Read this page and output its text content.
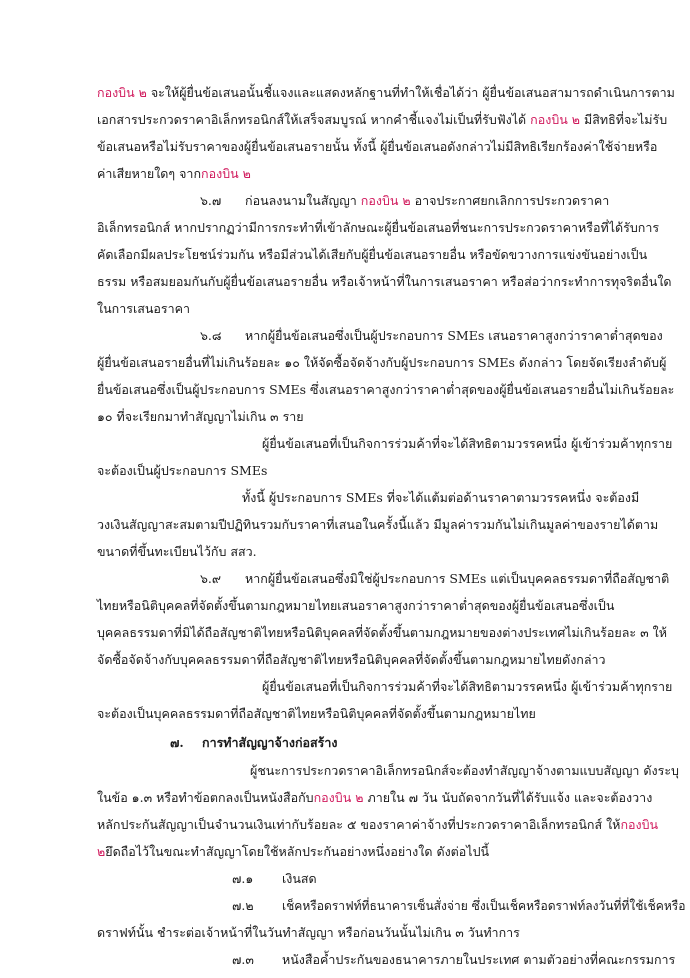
กองบิน ๒ จะให้ผู้ยื่นข้อเสนอนั้นชี้แจงและแสดงหลักฐานที่ทำให้เชื่อได้ว่า ผู้ยื่นข้อเสนอสามารถดำเนินการตาม
เอกสารประกวดราคาอิเล็กทรอนิกส์ให้เสร็จสมบูรณ์ หากคำชี้แจงไม่เป็นที่รับฟังได้ กองบิน ๒ มีสิทธิที่จะไม่รับ
ข้อเสนอหรือไม่รับราคาของผู้ยื่นข้อเสนอรายนั้น ทั้งนี้ ผู้ยื่นข้อเสนอดังกล่าวไม่มีสิทธิเรียกร้องค่าใช้จ่ายหรือ
ค่าเสียหายใดๆ จากกองบิน ๒
๖.๗ ก่อนลงนามในสัญญา กองบิน ๒ อาจประกาศยกเลิกการประกวดราคา
อิเล็กทรอนิกส์ หากปรากฏว่ามีการกระทำที่เข้าลักษณะผู้ยื่นข้อเสนอที่ชนะการประกวดราคาหรือที่ได้รับการ
คัดเลือกมีผลประโยชน์ร่วมกัน หรือมีส่วนได้เสียกับผู้ยื่นข้อเสนอรายอื่น หรือขัดขวางการแข่งขันอย่างเป็น
ธรรม หรือสมยอมกันกับผู้ยื่นข้อเสนอรายอื่น หรือเจ้าหน้าที่ในการเสนอราคา หรือส่อว่ากระทำการทุจริตอื่นใด
ในการเสนอราคา
๖.๘ หากผู้ยื่นข้อเสนอซึ่งเป็นผู้ประกอบการ SMEs เสนอราคาสูงกว่าราคาต่ำสุดของ
ผู้ยื่นข้อเสนอรายอื่นที่ไม่เกินร้อยละ ๑๐ ให้จัดซื้อจัดจ้างกับผู้ประกอบการ SMEs ดังกล่าว โดยจัดเรียงลำดับผู้
ยื่นข้อเสนอซึ่งเป็นผู้ประกอบการ SMEs ซึ่งเสนอราคาสูงกว่าราคาต่ำสุดของผู้ยื่นข้อเสนอรายอื่นไม่เกินร้อยละ
๑๐ ที่จะเรียกมาทำสัญญาไม่เกิน ๓ ราย
ผู้ยื่นข้อเสนอที่เป็นกิจการร่วมค้าที่จะได้สิทธิตามวรรคหนึ่ง ผู้เข้าร่วมค้าทุกราย
จะต้องเป็นผู้ประกอบการ SMEs
ทั้งนี้ ผู้ประกอบการ SMEs ที่จะได้แต้มต่อด้านราคาตามวรรคหนึ่ง จะต้องมี
วงเงินสัญญาสะสมตามปีปฏิทินรวมกับราคาที่เสนอในครั้งนี้แล้ว มีมูลค่ารวมกันไม่เกินมูลค่าของรายได้ตาม
ขนาดที่ขึ้นทะเบียนไว้กับ สสว.
๖.๙ หากผู้ยื่นข้อเสนอซึ่งมิใช่ผู้ประกอบการ SMEs แต่เป็นบุคคลธรรมดาที่ถือสัญชาติ
ไทยหรือนิติบุคคลที่จัดตั้งขึ้นตามกฎหมายไทยเสนอราคาสูงกว่าราคาต่ำสุดของผู้ยื่นข้อเสนอซึ่งเป็น
บุคคลธรรมดาที่มิได้ถือสัญชาติไทยหรือนิติบุคคลที่จัดตั้งขึ้นตามกฎหมายของต่างประเทศไม่เกินร้อยละ ๓ ให้
จัดซื้อจัดจ้างกับบุคคลธรรมดาที่ถือสัญชาติไทยหรือนิติบุคคลที่จัดตั้งขึ้นตามกฎหมายไทยดังกล่าว
ผู้ยื่นข้อเสนอที่เป็นกิจการร่วมค้าที่จะได้สิทธิตามวรรคหนึ่ง ผู้เข้าร่วมค้าทุกราย
จะต้องเป็นบุคคลธรรมดาที่ถือสัญชาติไทยหรือนิติบุคคลที่จัดตั้งขึ้นตามกฎหมายไทย
๗. การทำสัญญาจ้างก่อสร้าง
ผู้ชนะการประกวดราคาอิเล็กทรอนิกส์จะต้องทำสัญญาจ้างตามแบบสัญญา ดังระบุ
ในข้อ ๑.๓ หรือทำข้อตกลงเป็นหนังสือกับกองบิน ๒ ภายใน ๗ วัน นับถัดจากวันที่ได้รับแจ้ง และจะต้องวาง
หลักประกันสัญญาเป็นจำนวนเงินเท่ากับร้อยละ ๕ ของราคาค่าจ้างที่ประกวดราคาอิเล็กทรอนิกส์ ให้กองบิน
๒ยึดถือไว้ในขณะทำสัญญาโดยใช้หลักประกันอย่างหนึ่งอย่างใด ดังต่อไปนี้
๗.๑ เงินสด
๗.๒ เช็คหรือดราฟท์ที่ธนาคารเซ็นสั่งจ่าย ซึ่งเป็นเช็คหรือดราฟท์ลงวันที่ที่ใช้เช็คหรือ
ดราฟท์นั้น ชำระต่อเจ้าหน้าที่ในวันทำสัญญา หรือก่อนวันนั้นไม่เกิน ๓ วันทำการ
๗.๓ หนังสือค้ำประกันของธนาคารภายในประเทศ ตามตัวอย่างที่คณะกรรมการ
